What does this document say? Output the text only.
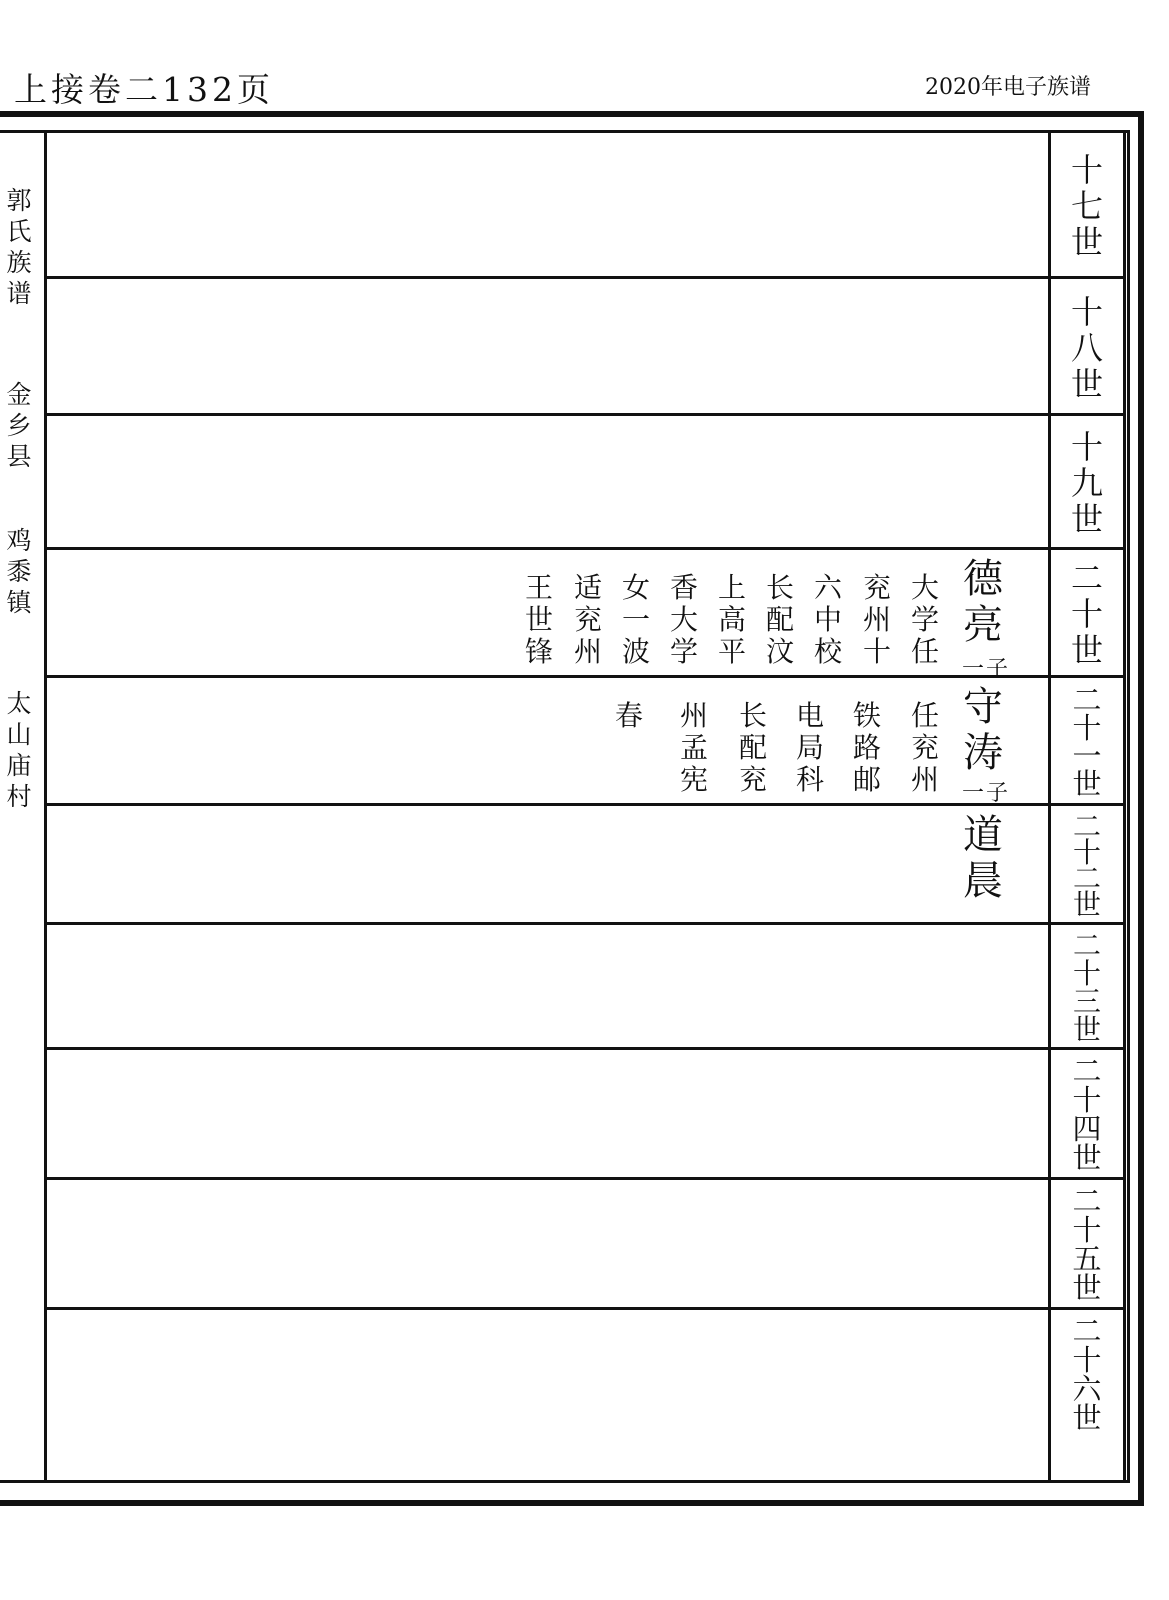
上接卷二132页	2020年电子族谱
郭
氏
族
谱
金
乡
县
鸡
黍
镇
太
山
庙
村
十
七
世
十
八
世
十
九
世
二
十
世
二
十
一
世
二
十
二
世
二
十
三
世
二
十
四
世
二
十
五
世
二
十
六
世
德
亮
一子
大
学
任
兖
州
十
六
中
校
长
配
汶
上
高
平
香
大
学
女
一
波
适
兖
州
王
世
锋
守
涛
一子
任
兖
州
铁
路
邮
电
局
科
长
配
兖
州
孟
宪
春
道
晨
